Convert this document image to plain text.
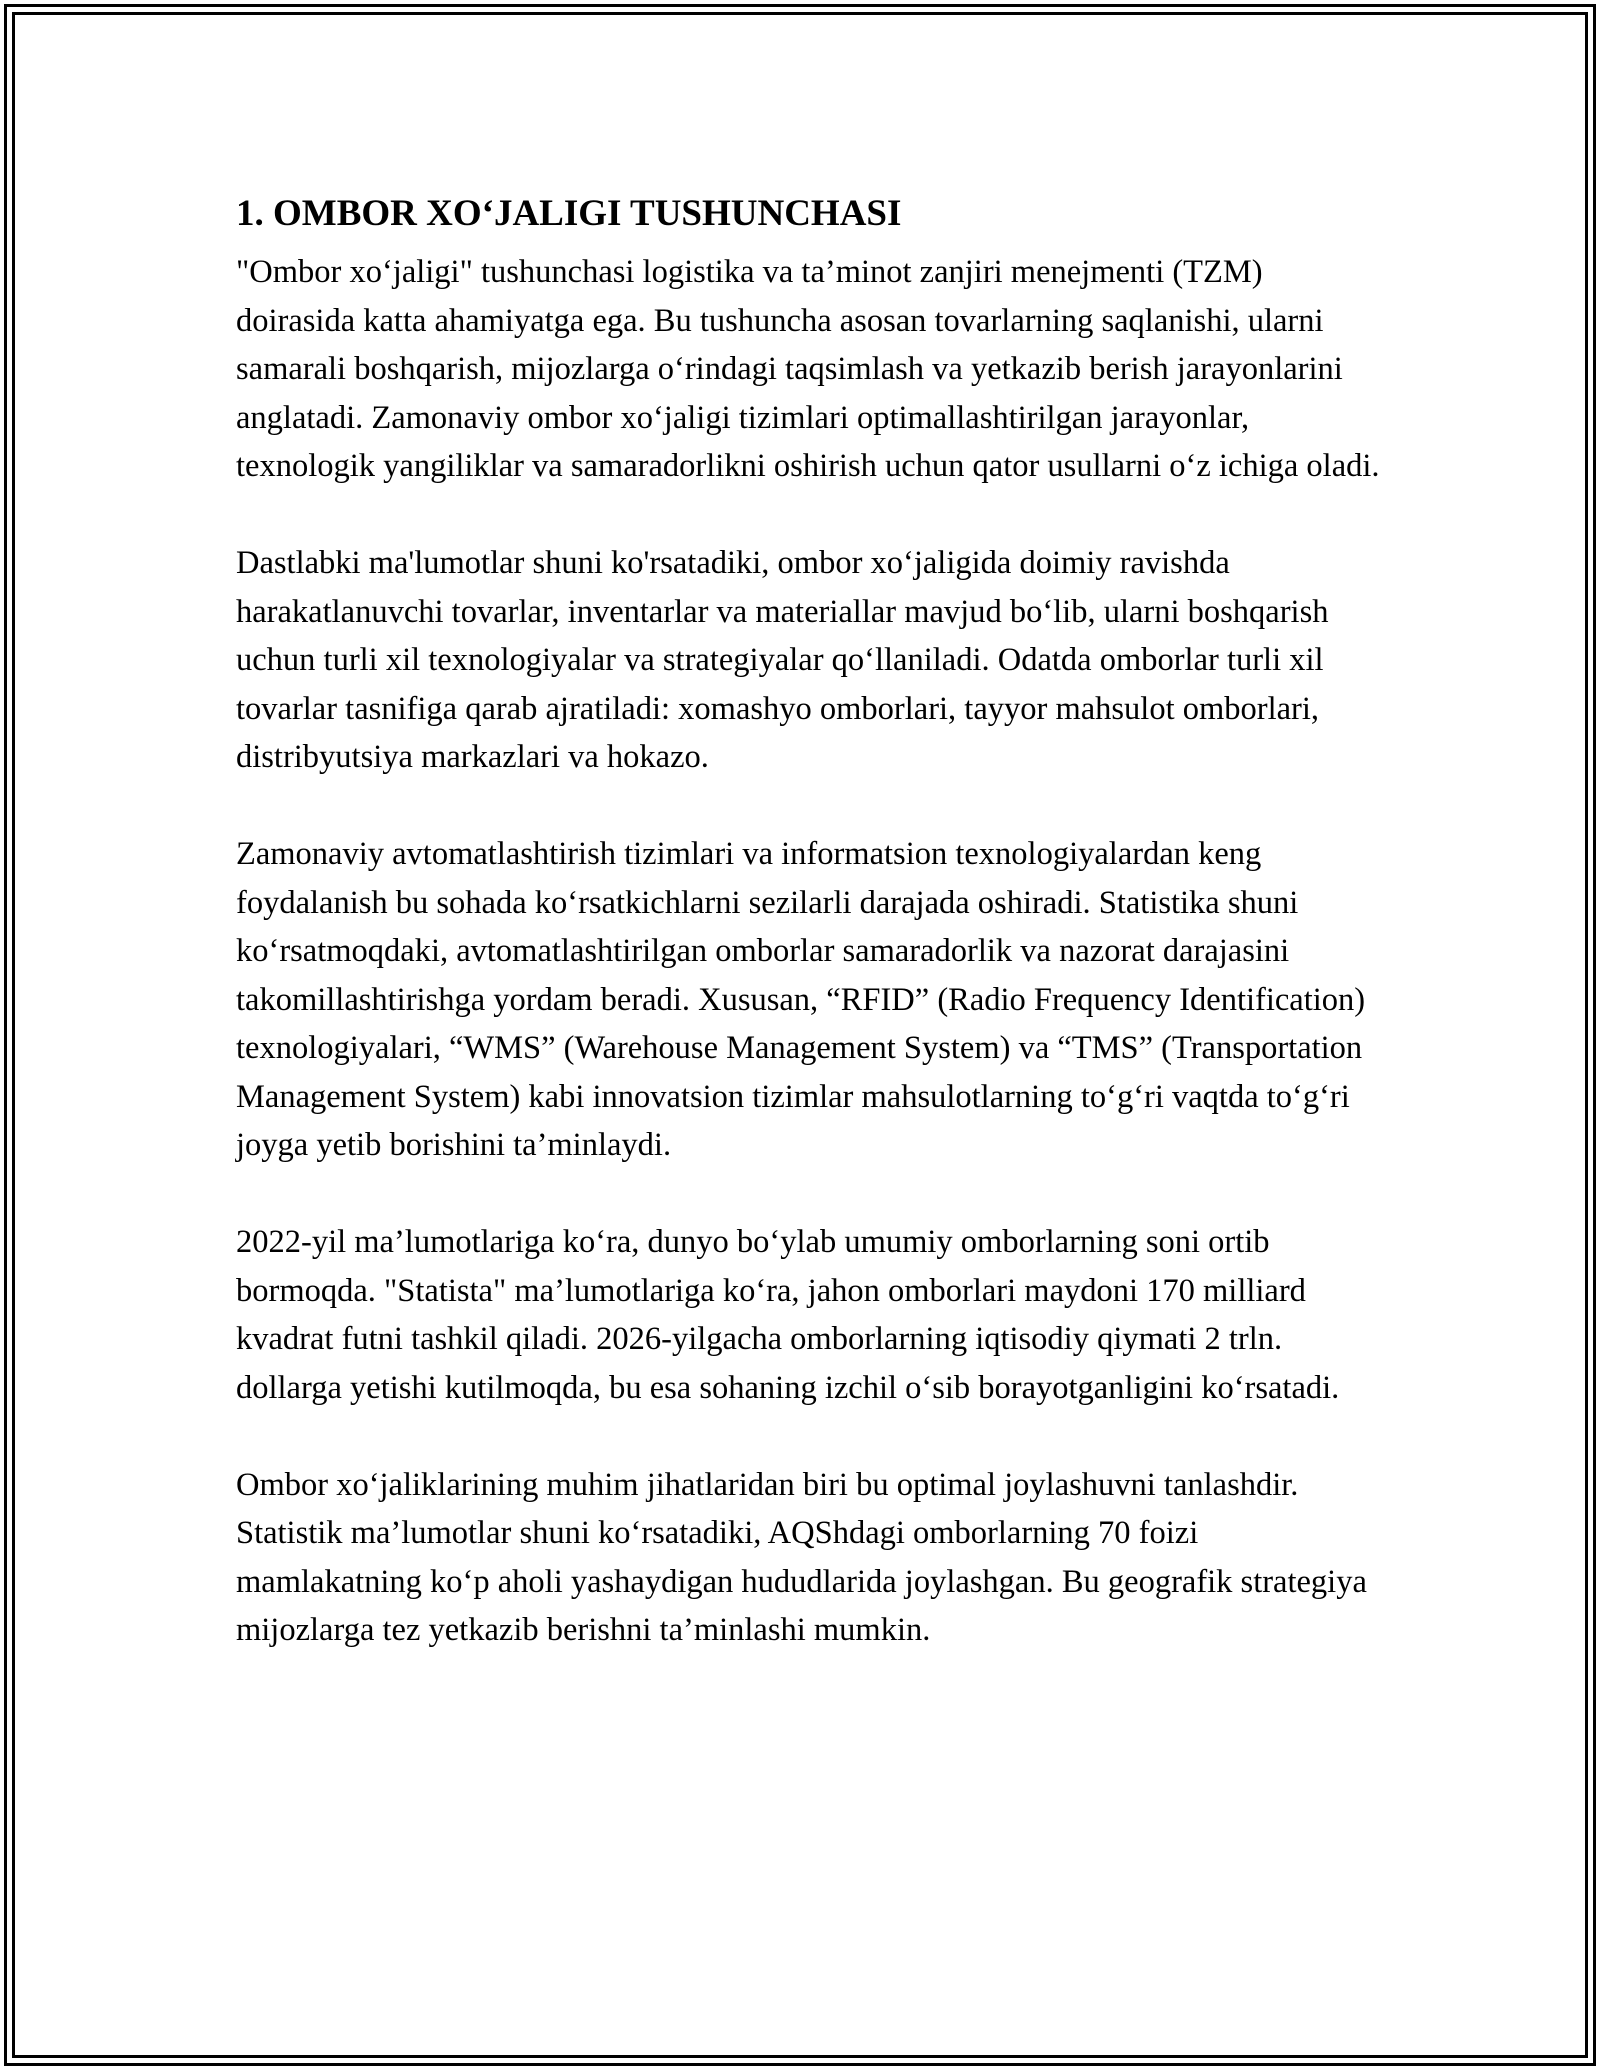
1. OMBOR XO‘JALIGI TUSHUNCHASI

"Ombor xo‘jaligi" tushunchasi logistika va ta’minot zanjiri menejmenti (TZM) doirasida katta ahamiyatga ega. Bu tushuncha asosan tovarlarning saqlanishi, ularni samarali boshqarish, mijozlarga o‘rindagi taqsimlash va yetkazib berish jarayonlarini anglatadi. Zamonaviy ombor xo‘jaligi tizimlari optimallashtirilgan jarayonlar, texnologik yangiliklar va samaradorlikni oshirish uchun qator usullarni o‘z ichiga oladi.

Dastlabki ma'lumotlar shuni ko'rsatadiki, ombor xo‘jaligida doimiy ravishda harakatlanuvchi tovarlar, inventarlar va materiallar mavjud bo‘lib, ularni boshqarish uchun turli xil texnologiyalar va strategiyalar qo‘llaniladi. Odatda omborlar turli xil tovarlar tasnifiga qarab ajratiladi: xomashyo omborlari, tayyor mahsulot omborlari, distribyutsiya markazlari va hokazo.

Zamonaviy avtomatlashtirish tizimlari va informatsion texnologiyalardan keng foydalanish bu sohada ko‘rsatkichlarni sezilarli darajada oshiradi. Statistika shuni ko‘rsatmoqdaki, avtomatlashtirilgan omborlar samaradorlik va nazorat darajasini takomillashtirishga yordam beradi. Xususan, “RFID” (Radio Frequency Identification) texnologiyalari, “WMS” (Warehouse Management System) va “TMS” (Transportation Management System) kabi innovatsion tizimlar mahsulotlarning to‘g‘ri vaqtda to‘g‘ri joyga yetib borishini ta’minlaydi.

2022-yil ma’lumotlariga ko‘ra, dunyo bo‘ylab umumiy omborlarning soni ortib bormoqda. "Statista" ma’lumotlariga ko‘ra, jahon omborlari maydoni 170 milliard kvadrat futni tashkil qiladi. 2026-yilgacha omborlarning iqtisodiy qiymati 2 trln. dollarga yetishi kutilmoqda, bu esa sohaning izchil o‘sib borayotganligini ko‘rsatadi.

Ombor xo‘jaliklarining muhim jihatlaridan biri bu optimal joylashuvni tanlashdir. Statistik ma’lumotlar shuni ko‘rsatadiki, AQShdagi omborlarning 70 foizi mamlakatning ko‘p aholi yashaydigan hududlarida joylashgan. Bu geografik strategiya mijozlarga tez yetkazib berishni ta’minlashi mumkin.
